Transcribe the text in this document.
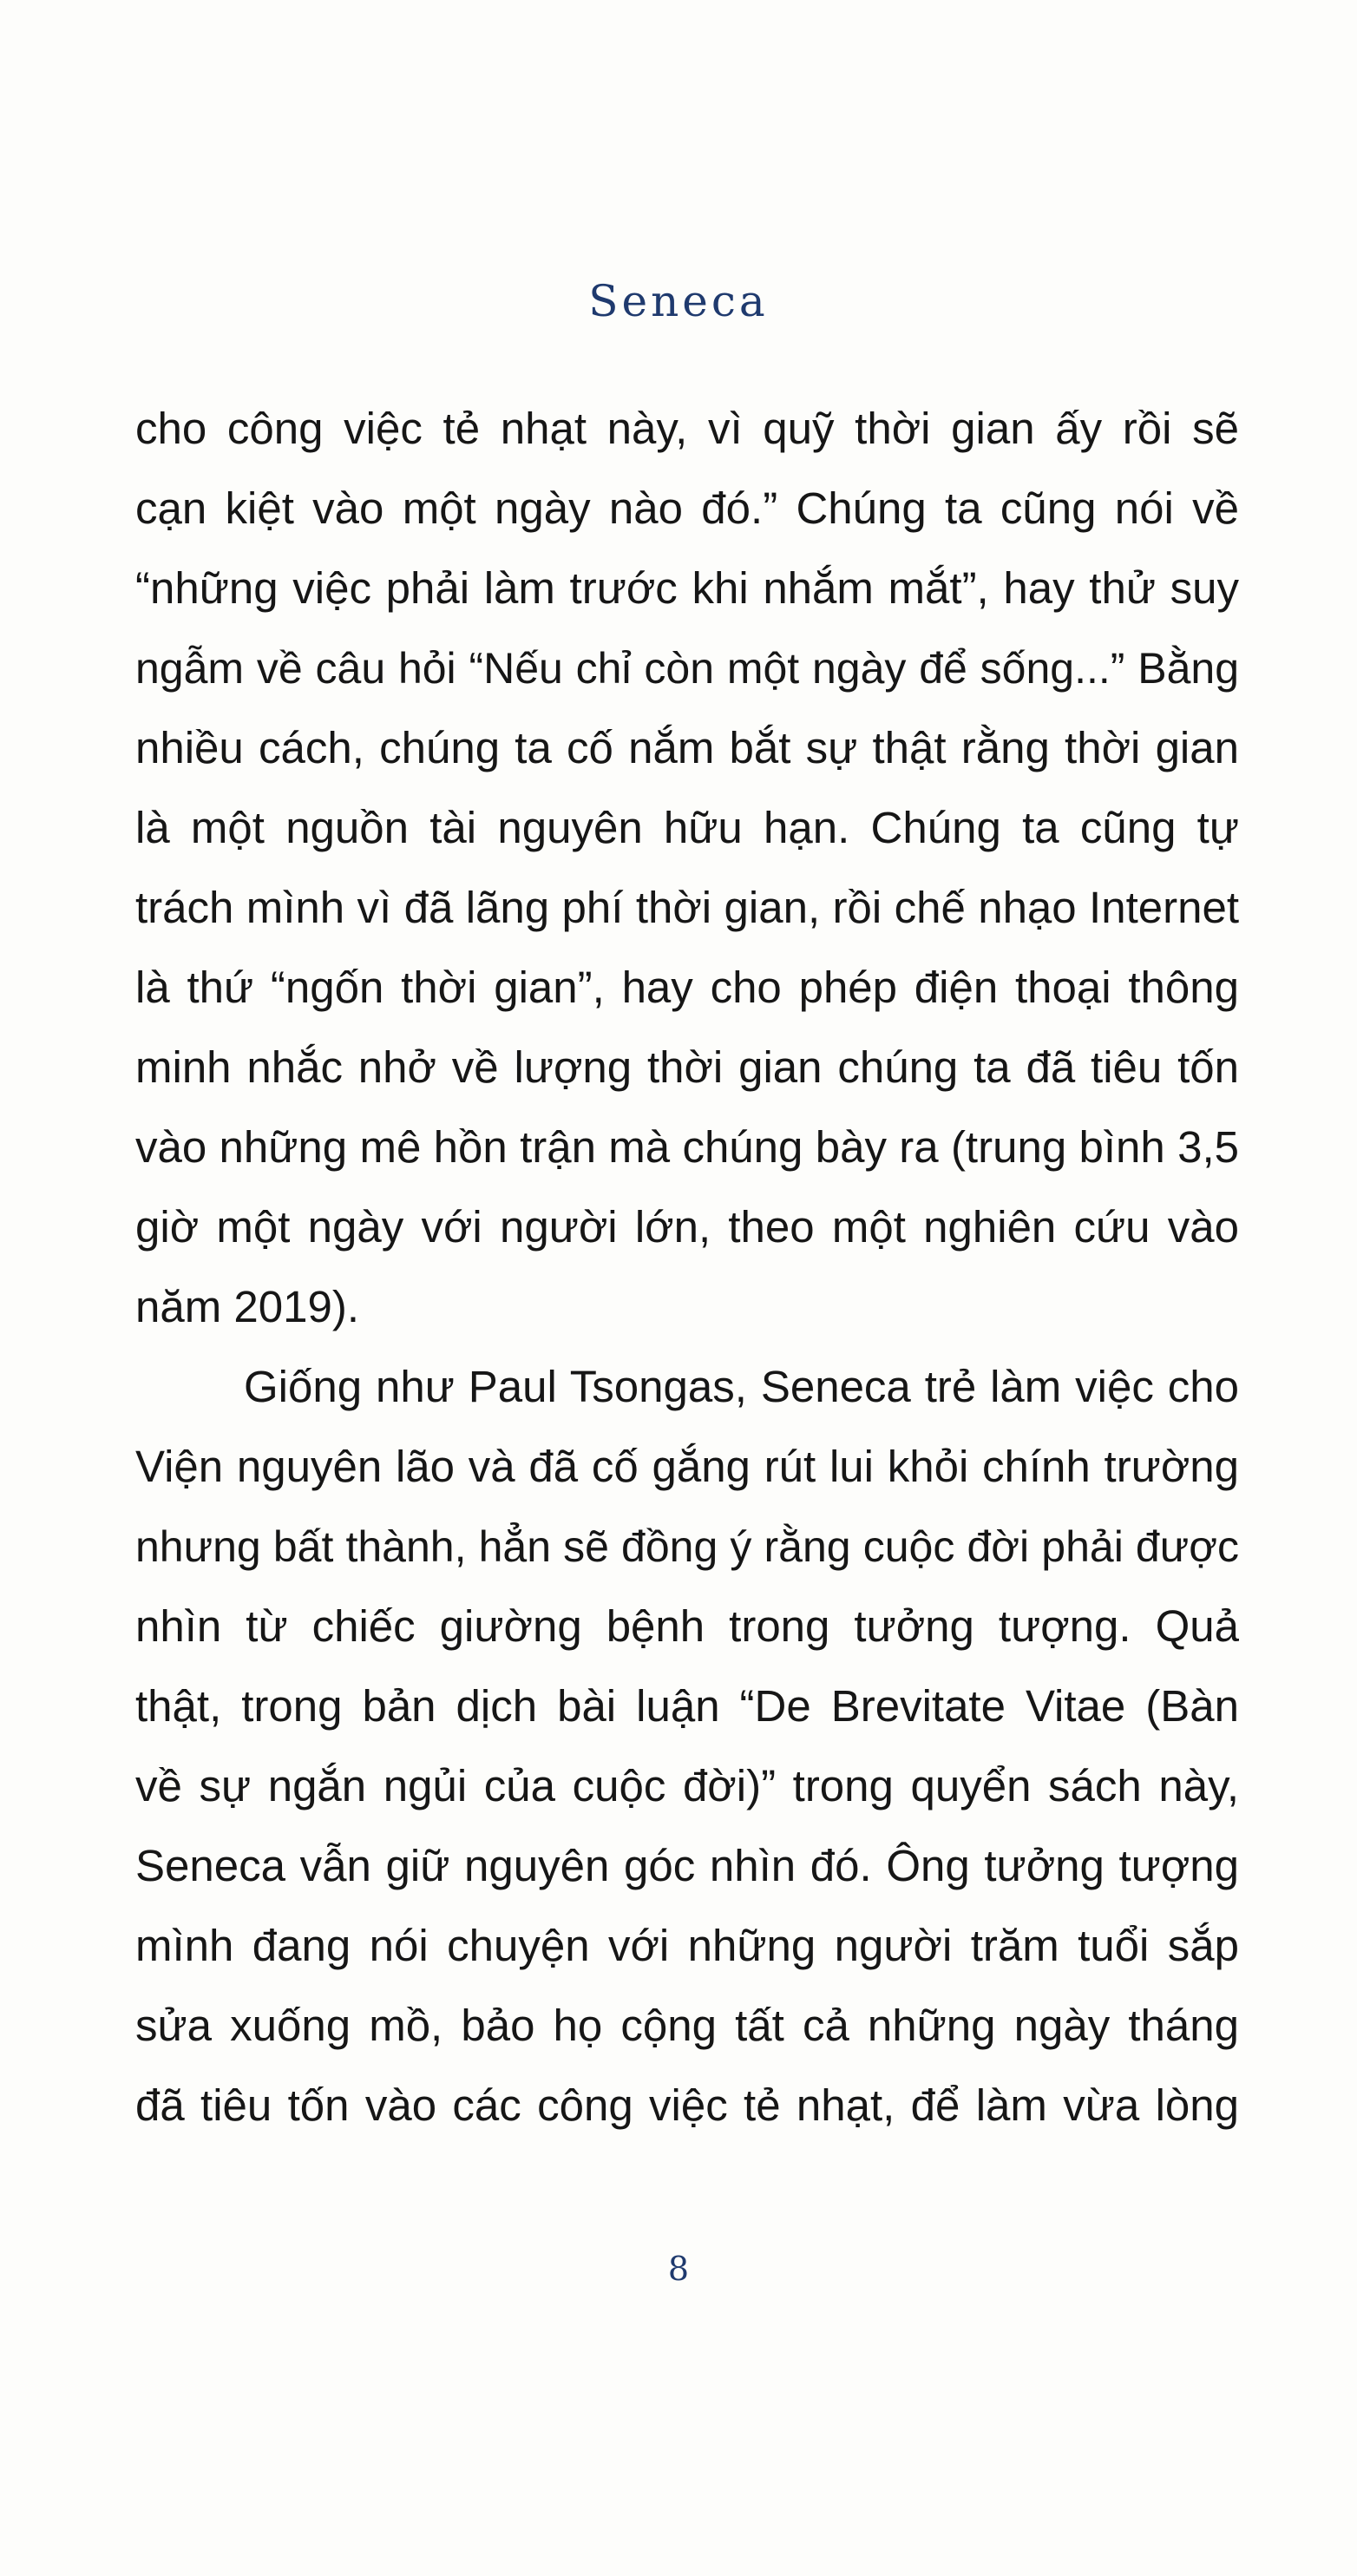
Seneca
cho công việc tẻ nhạt này, vì quỹ thời gian ấy rồi sẽ
cạn kiệt vào một ngày nào đó.” Chúng ta cũng nói về
“những việc phải làm trước khi nhắm mắt”, hay thử suy
ngẫm về câu hỏi “Nếu chỉ còn một ngày để sống...” Bằng
nhiều cách, chúng ta cố nắm bắt sự thật rằng thời gian
là một nguồn tài nguyên hữu hạn. Chúng ta cũng tự
trách mình vì đã lãng phí thời gian, rồi chế nhạo Internet
là thứ “ngốn thời gian”, hay cho phép điện thoại thông
minh nhắc nhở về lượng thời gian chúng ta đã tiêu tốn
vào những mê hồn trận mà chúng bày ra (trung bình 3,5
giờ một ngày với người lớn, theo một nghiên cứu vào
năm 2019).
Giống như Paul Tsongas, Seneca trẻ làm việc cho
Viện nguyên lão và đã cố gắng rút lui khỏi chính trường
nhưng bất thành, hẳn sẽ đồng ý rằng cuộc đời phải được
nhìn từ chiếc giường bệnh trong tưởng tượng. Quả
thật, trong bản dịch bài luận “De Brevitate Vitae (Bàn
về sự ngắn ngủi của cuộc đời)” trong quyển sách này,
Seneca vẫn giữ nguyên góc nhìn đó. Ông tưởng tượng
mình đang nói chuyện với những người trăm tuổi sắp
sửa xuống mồ, bảo họ cộng tất cả những ngày tháng
đã tiêu tốn vào các công việc tẻ nhạt, để làm vừa lòng
8
